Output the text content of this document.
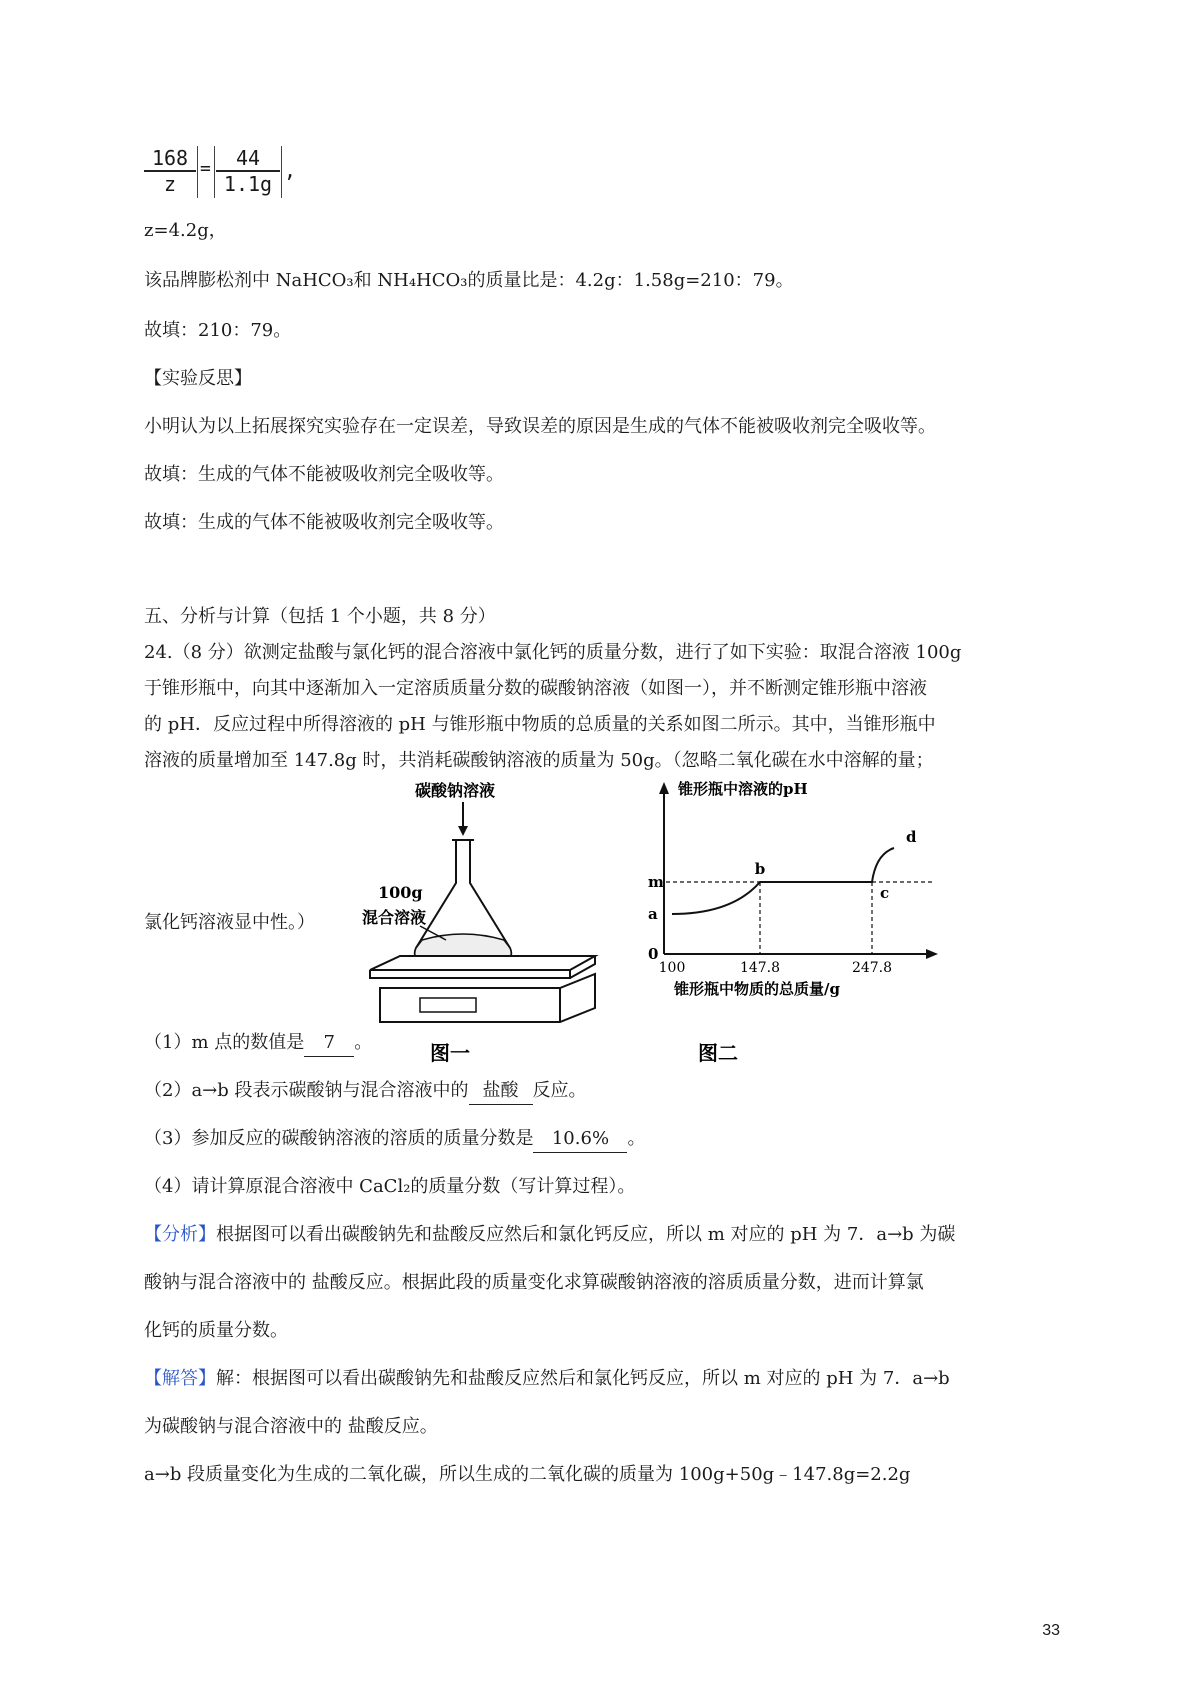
$\frac{168}{z} = \frac{44}{1.1g}$ ,
z=4.2g，
该品牌膨松剂中 NaHCO₃和 NH₄HCO₃的质量比是：4.2g：1.58g=210：79。
故填：210：79。
【实验反思】
小明认为以上拓展探究实验存在一定误差，导致误差的原因是生成的气体不能被吸收剂完全吸收等。
故填：生成的气体不能被吸收剂完全吸收等。
故填：生成的气体不能被吸收剂完全吸收等。
五、分析与计算（包括 1 个小题，共 8 分）
24.（8 分）欲测定盐酸与氯化钙的混合溶液中氯化钙的质量分数，进行了如下实验：取混合溶液 100g
于锥形瓶中，向其中逐渐加入一定溶质质量分数的碳酸钠溶液（如图一），并不断测定锥形瓶中溶液
的 pH．反应过程中所得溶液的 pH 与锥形瓶中物质的总质量的关系如图二所示。其中，当锥形瓶中
溶液的质量增加至 147.8g 时，共消耗碳酸钠溶液的质量为 50g。（忽略二氧化碳在水中溶解的量；
氯化钙溶液显中性。）
碳酸钠溶液
100g
混合溶液
图一
锥形瓶中溶液的pH
锥形瓶中物质的总质量/g
0
a
m
100	147.8	247.8
b
c
d
图二
（1）m 点的数值是 7 。
（2）a→b 段表示碳酸钠与混合溶液中的 盐酸 反应。
（3）参加反应的碳酸钠溶液的溶质的质量分数是 10.6% 。
（4）请计算原混合溶液中 CaCl₂的质量分数（写计算过程）。
【分析】根据图可以看出碳酸钠先和盐酸反应然后和氯化钙反应，所以 m 对应的 pH 为 7．a→b 为碳
酸钠与混合溶液中的 盐酸反应。根据此段的质量变化求算碳酸钠溶液的溶质质量分数，进而计算氯
化钙的质量分数。
【解答】解：根据图可以看出碳酸钠先和盐酸反应然后和氯化钙反应，所以 m 对应的 pH 为 7．a→b
为碳酸钠与混合溶液中的 盐酸反应。
a→b 段质量变化为生成的二氧化碳，所以生成的二氧化碳的质量为 100g+50g﹣147.8g=2.2g
33
